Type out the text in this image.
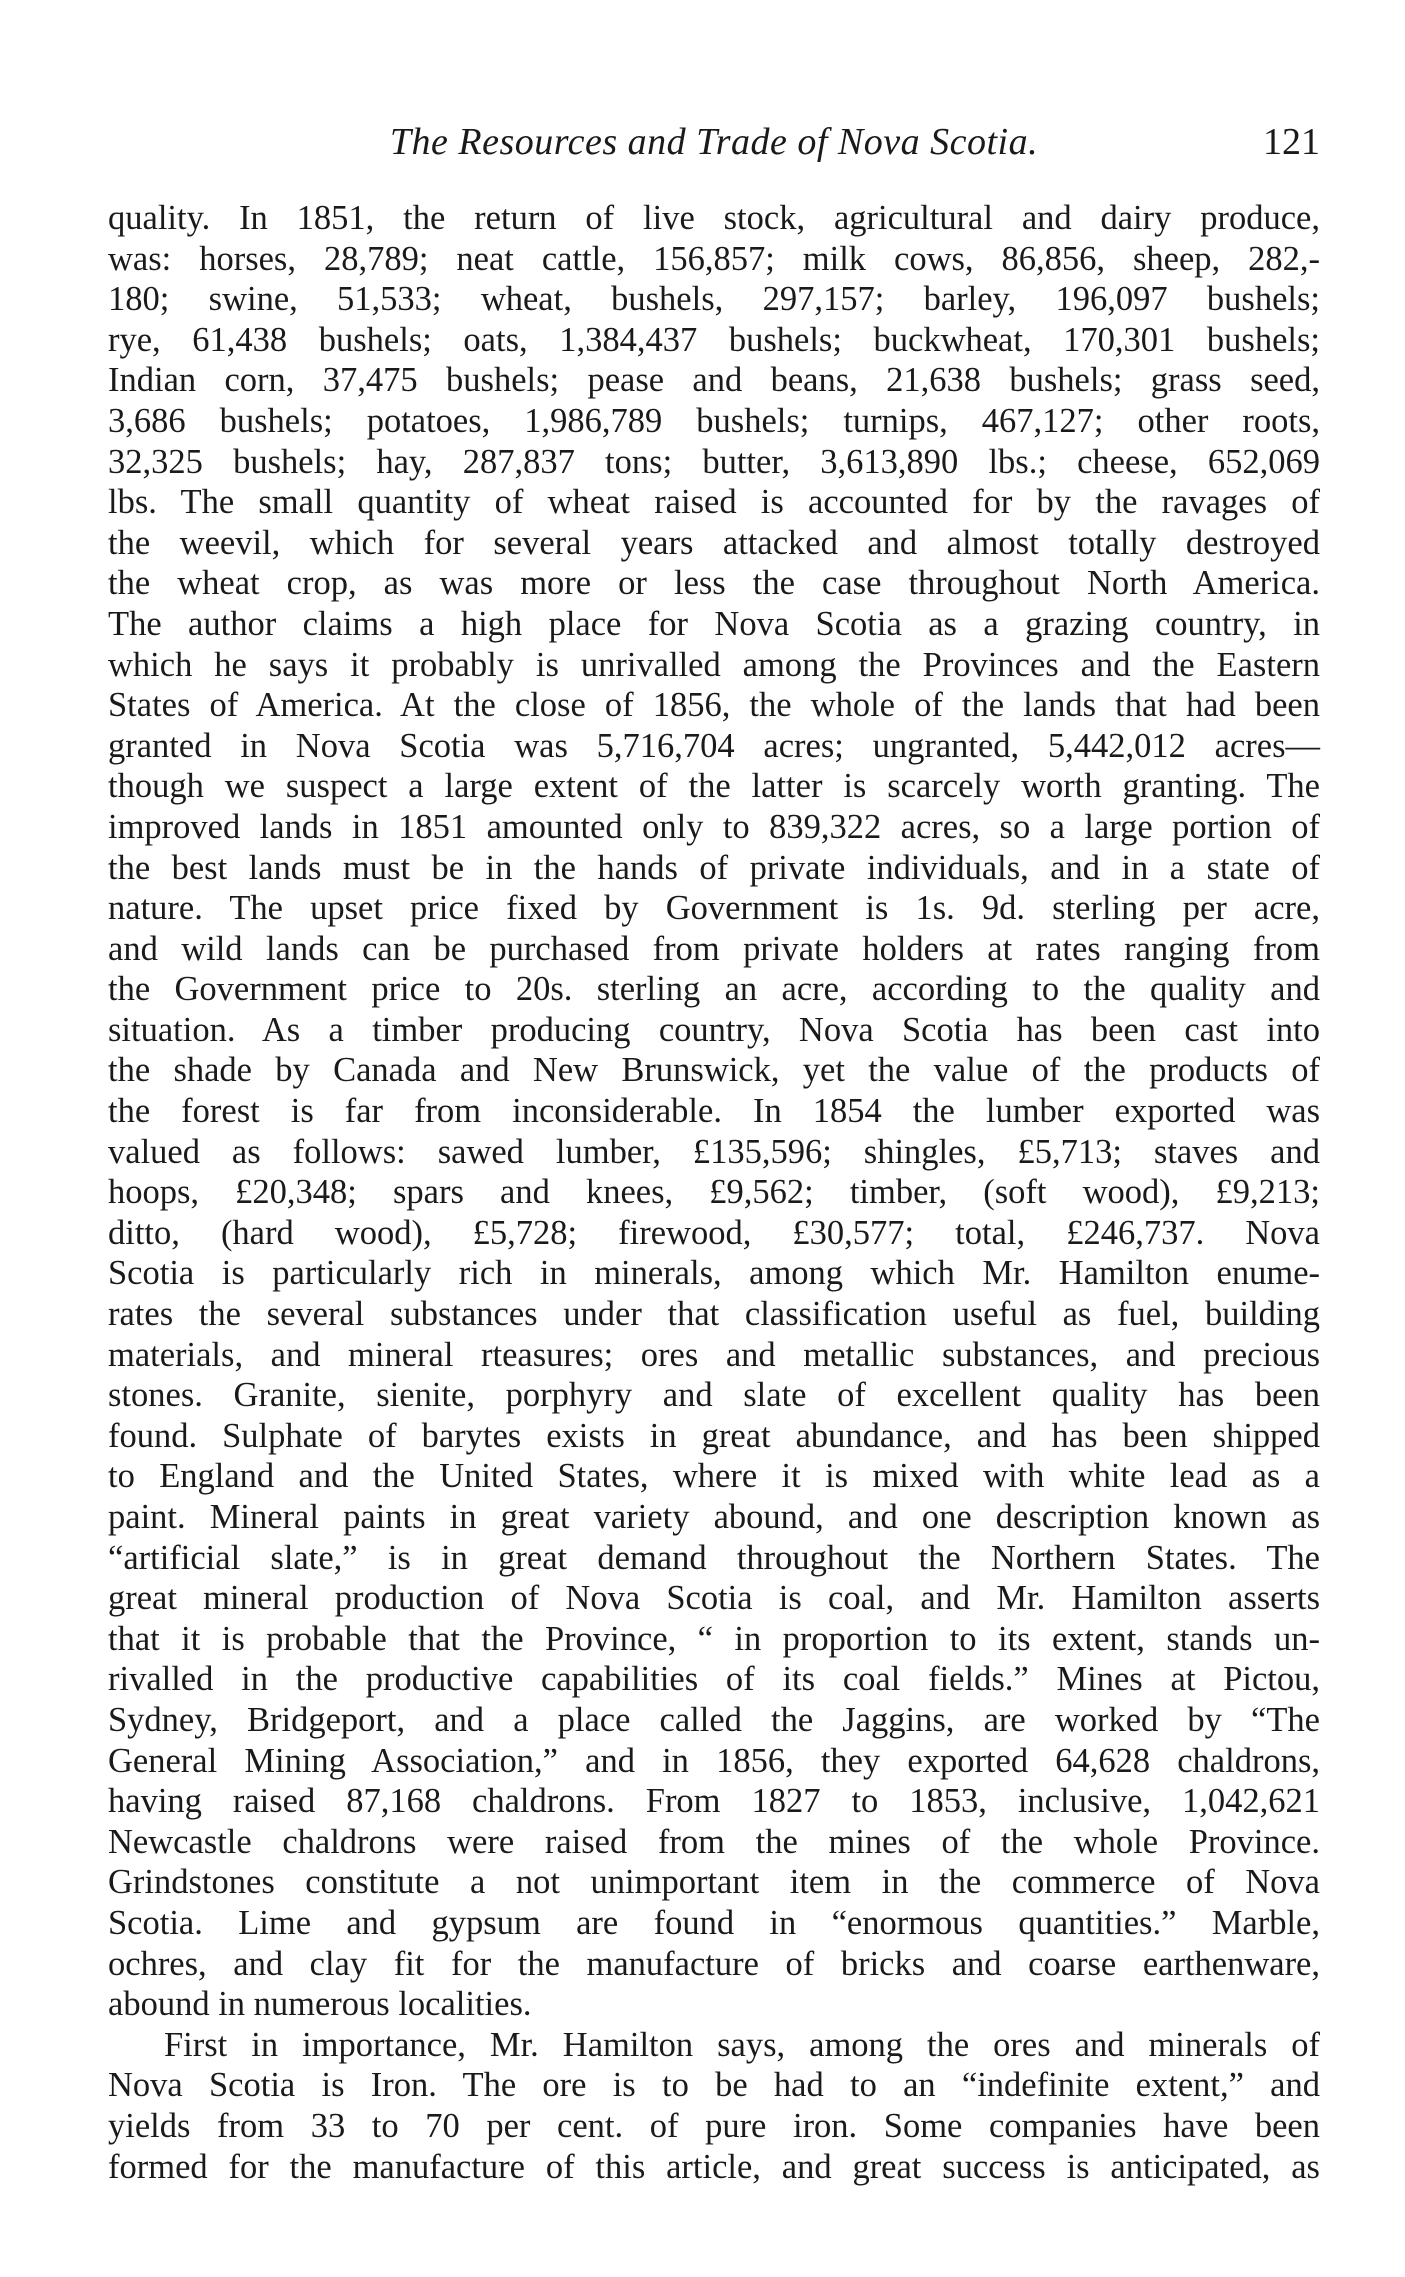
The Resources and Trade of Nova Scotia.	121

quality. In 1851, the return of live stock, agricultural and dairy produce,

was: horses, 28,789; neat cattle, 156,857; milk cows, 86,856, sheep, 282,-

180; swine, 51,533; wheat, bushels, 297,157; barley, 196,097 bushels;

rye, 61,438 bushels; oats, 1,384,437 bushels; buckwheat, 170,301 bushels;

Indian corn, 37,475 bushels; pease and beans, 21,638 bushels; grass seed,

3,686 bushels; potatoes, 1,986,789 bushels; turnips, 467,127; other roots,

32,325 bushels; hay, 287,837 tons; butter, 3,613,890 lbs.; cheese, 652,069

lbs. The small quantity of wheat raised is accounted for by the ravages of

the weevil, which for several years attacked and almost totally destroyed

the wheat crop, as was more or less the case throughout North America.

The author claims a high place for Nova Scotia as a grazing country, in

which he says it probably is unrivalled among the Provinces and the Eastern

States of America. At the close of 1856, the whole of the lands that had been

granted in Nova Scotia was 5,716,704 acres; ungranted, 5,442,012 acres—

though we suspect a large extent of the latter is scarcely worth granting. The

improved lands in 1851 amounted only to 839,322 acres, so a large portion of

the best lands must be in the hands of private individuals, and in a state of

nature. The upset price fixed by Government is 1s. 9d. sterling per acre,

and wild lands can be purchased from private holders at rates ranging from

the Government price to 20s. sterling an acre, according to the quality and

situation. As a timber producing country, Nova Scotia has been cast into

the shade by Canada and New Brunswick, yet the value of the products of

the forest is far from inconsiderable. In 1854 the lumber exported was

valued as follows: sawed lumber, £135,596; shingles, £5,713; staves and

hoops, £20,348; spars and knees, £9,562; timber, (soft wood), £9,213;

ditto, (hard wood), £5,728; firewood, £30,577; total, £246,737. Nova

Scotia is particularly rich in minerals, among which Mr. Hamilton enume-

rates the several substances under that classification useful as fuel, building

materials, and mineral rteasures; ores and metallic substances, and precious

stones. Granite, sienite, porphyry and slate of excellent quality has been

found. Sulphate of barytes exists in great abundance, and has been shipped

to England and the United States, where it is mixed with white lead as a

paint. Mineral paints in great variety abound, and one description known as

“artificial slate,” is in great demand throughout the Northern States. The

great mineral production of Nova Scotia is coal, and Mr. Hamilton asserts

that it is probable that the Province, “ in proportion to its extent, stands un-

rivalled in the productive capabilities of its coal fields.” Mines at Pictou,

Sydney, Bridgeport, and a place called the Jaggins, are worked by “The

General Mining Association,” and in 1856, they exported 64,628 chaldrons,

having raised 87,168 chaldrons. From 1827 to 1853, inclusive, 1,042,621

Newcastle chaldrons were raised from the mines of the whole Province.

Grindstones constitute a not unimportant item in the commerce of Nova

Scotia. Lime and gypsum are found in “enormous quantities.” Marble,

ochres, and clay fit for the manufacture of bricks and coarse earthenware,

abound in numerous localities.

First in importance, Mr. Hamilton says, among the ores and minerals of

Nova Scotia is Iron. The ore is to be had to an “indefinite extent,” and

yields from 33 to 70 per cent. of pure iron. Some companies have been

formed for the manufacture of this article, and great success is anticipated, as
